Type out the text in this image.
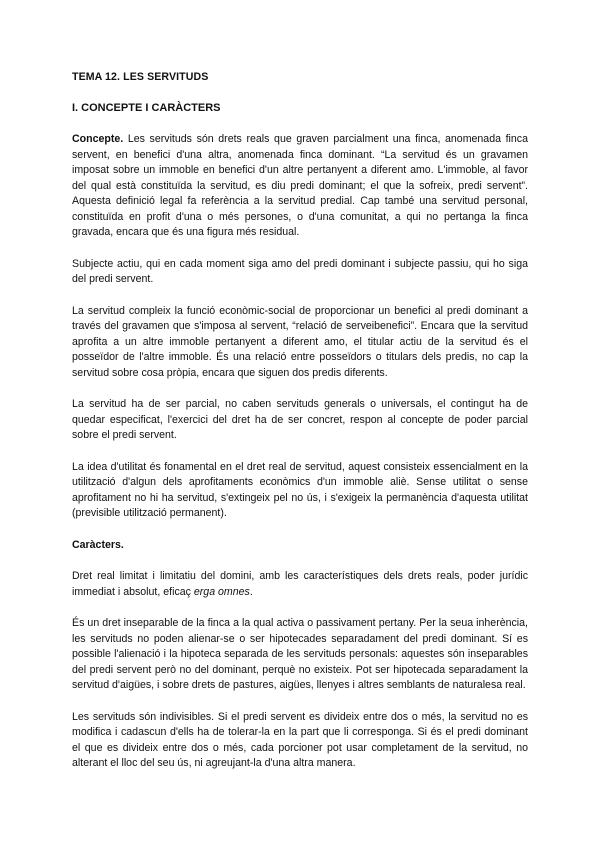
TEMA 12. LES SERVITUDS
I. CONCEPTE I CARÀCTERS

Concepte. Les servituds són drets reals que graven parcialment una finca, anomenada finca servent, en benefici d'una altra, anomenada finca dominant. “La servitud és un gravamen imposat sobre un immoble en benefici d'un altre pertanyent a diferent amo. L'immoble, al favor del qual està constituïda la servitud, es diu predi dominant; el que la sofreix, predi servent”. Aquesta definició legal fa referència a la servitud predial. Cap també una servitud personal, constituïda en profit d'una o més persones, o d'una comunitat, a qui no pertanga la finca gravada, encara que és una figura més residual.

Subjecte actiu, qui en cada moment siga amo del predi dominant i subjecte passiu, qui ho siga del predi servent.

La servitud compleix la funció econòmic-social de proporcionar un benefici al predi dominant a través del gravamen que s'imposa al servent, “relació de serveibenefici”. Encara que la servitud aprofita a un altre immoble pertanyent a diferent amo, el titular actiu de la servitud és el posseïdor de l'altre immoble. És una relació entre posseïdors o titulars dels predis, no cap la servitud sobre cosa pròpia, encara que siguen dos predis diferents.

La servitud ha de ser parcial, no caben servituds generals o universals, el contingut ha de quedar especificat, l'exercici del dret ha de ser concret, respon al concepte de poder parcial sobre el predi servent.

La idea d'utilitat és fonamental en el dret real de servitud, aquest consisteix essencialment en la utilització d'algun dels aprofitaments econòmics d'un immoble aliè. Sense utilitat o sense aprofitament no hi ha servitud, s'extingeix pel no ús, i s'exigeix la permanència d'aquesta utilitat (previsible utilització permanent).

Caràcters.

Dret real limitat i limitatiu del domini, amb les característiques dels drets reals, poder jurídic immediat i absolut, eficaç erga omnes.

És un dret inseparable de la finca a la qual activa o passivament pertany. Per la seua inherència, les servituds no poden alienar-se o ser hipotecades separadament del predi dominant. Sí es possible l'alienació i la hipoteca separada de les servituds personals: aquestes són inseparables del predi servent però no del dominant, perquè no existeix. Pot ser hipotecada separadament la servitud d'aigües, i sobre drets de pastures, aigües, llenyes i altres semblants de naturalesa real.

Les servituds són indivisibles. Si el predi servent es divideix entre dos o més, la servitud no es modifica i cadascun d'ells ha de tolerar-la en la part que li corresponga. Si és el predi dominant el que es divideix entre dos o més, cada porcioner pot usar completament de la servitud, no alterant el lloc del seu ús, ni agreujant-la d'una altra manera.
